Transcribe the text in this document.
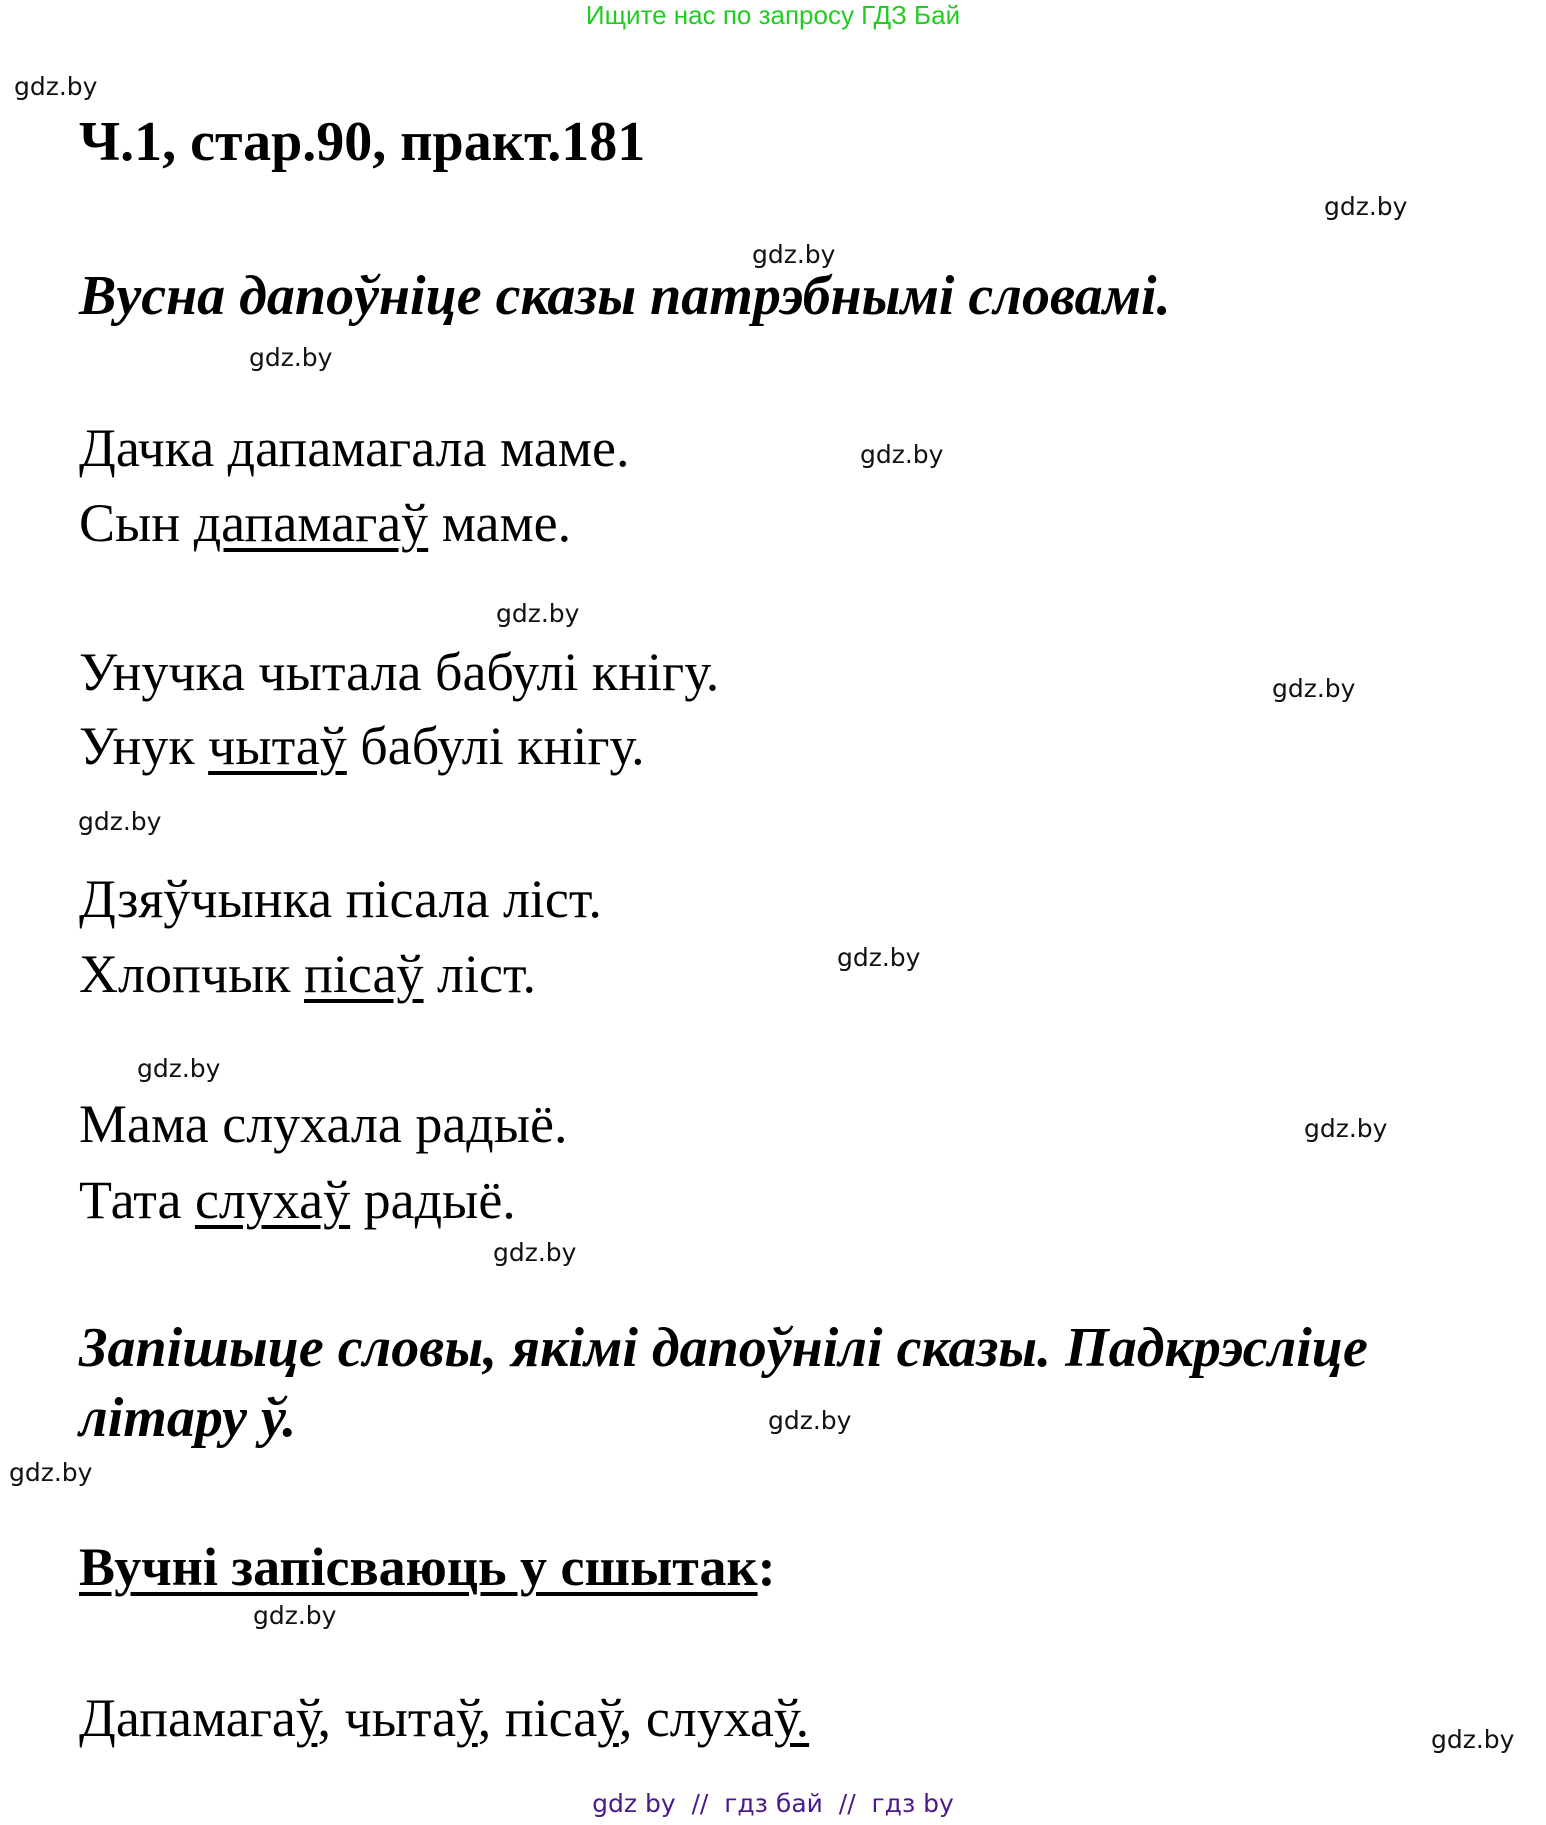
Ищите нас по запросу ГДЗ Бай
gdz.by
Ч.1, стар.90, практ.181
gdz.by
gdz.by
Вусна дапоўніце сказы патрэбнымі словамі.
gdz.by
Дачка дапамагала маме.	gdz.by
Сын дапамагаў маме.
gdz.by
Унучка чытала бабулі кнігу.	gdz.by
Унук чытаў бабулі кнігу.
gdz.by
Дзяўчынка пісала ліст.
gdz.by
Хлопчык пісаў ліст.
gdz.by
Мама слухала радыё.	gdz.by
Тата слухаў радыё.
gdz.by
Запішыце словы, якімі дапоўнілі сказы. Падкрэсліце
літару ў.	gdz.by
gdz.by
Вучні запісваюць у сшытак:
gdz.by
Дапамагаў, чытаў, пісаў, слухаў.	gdz.by
gdz by  //  гдз бай  //  гдз by
